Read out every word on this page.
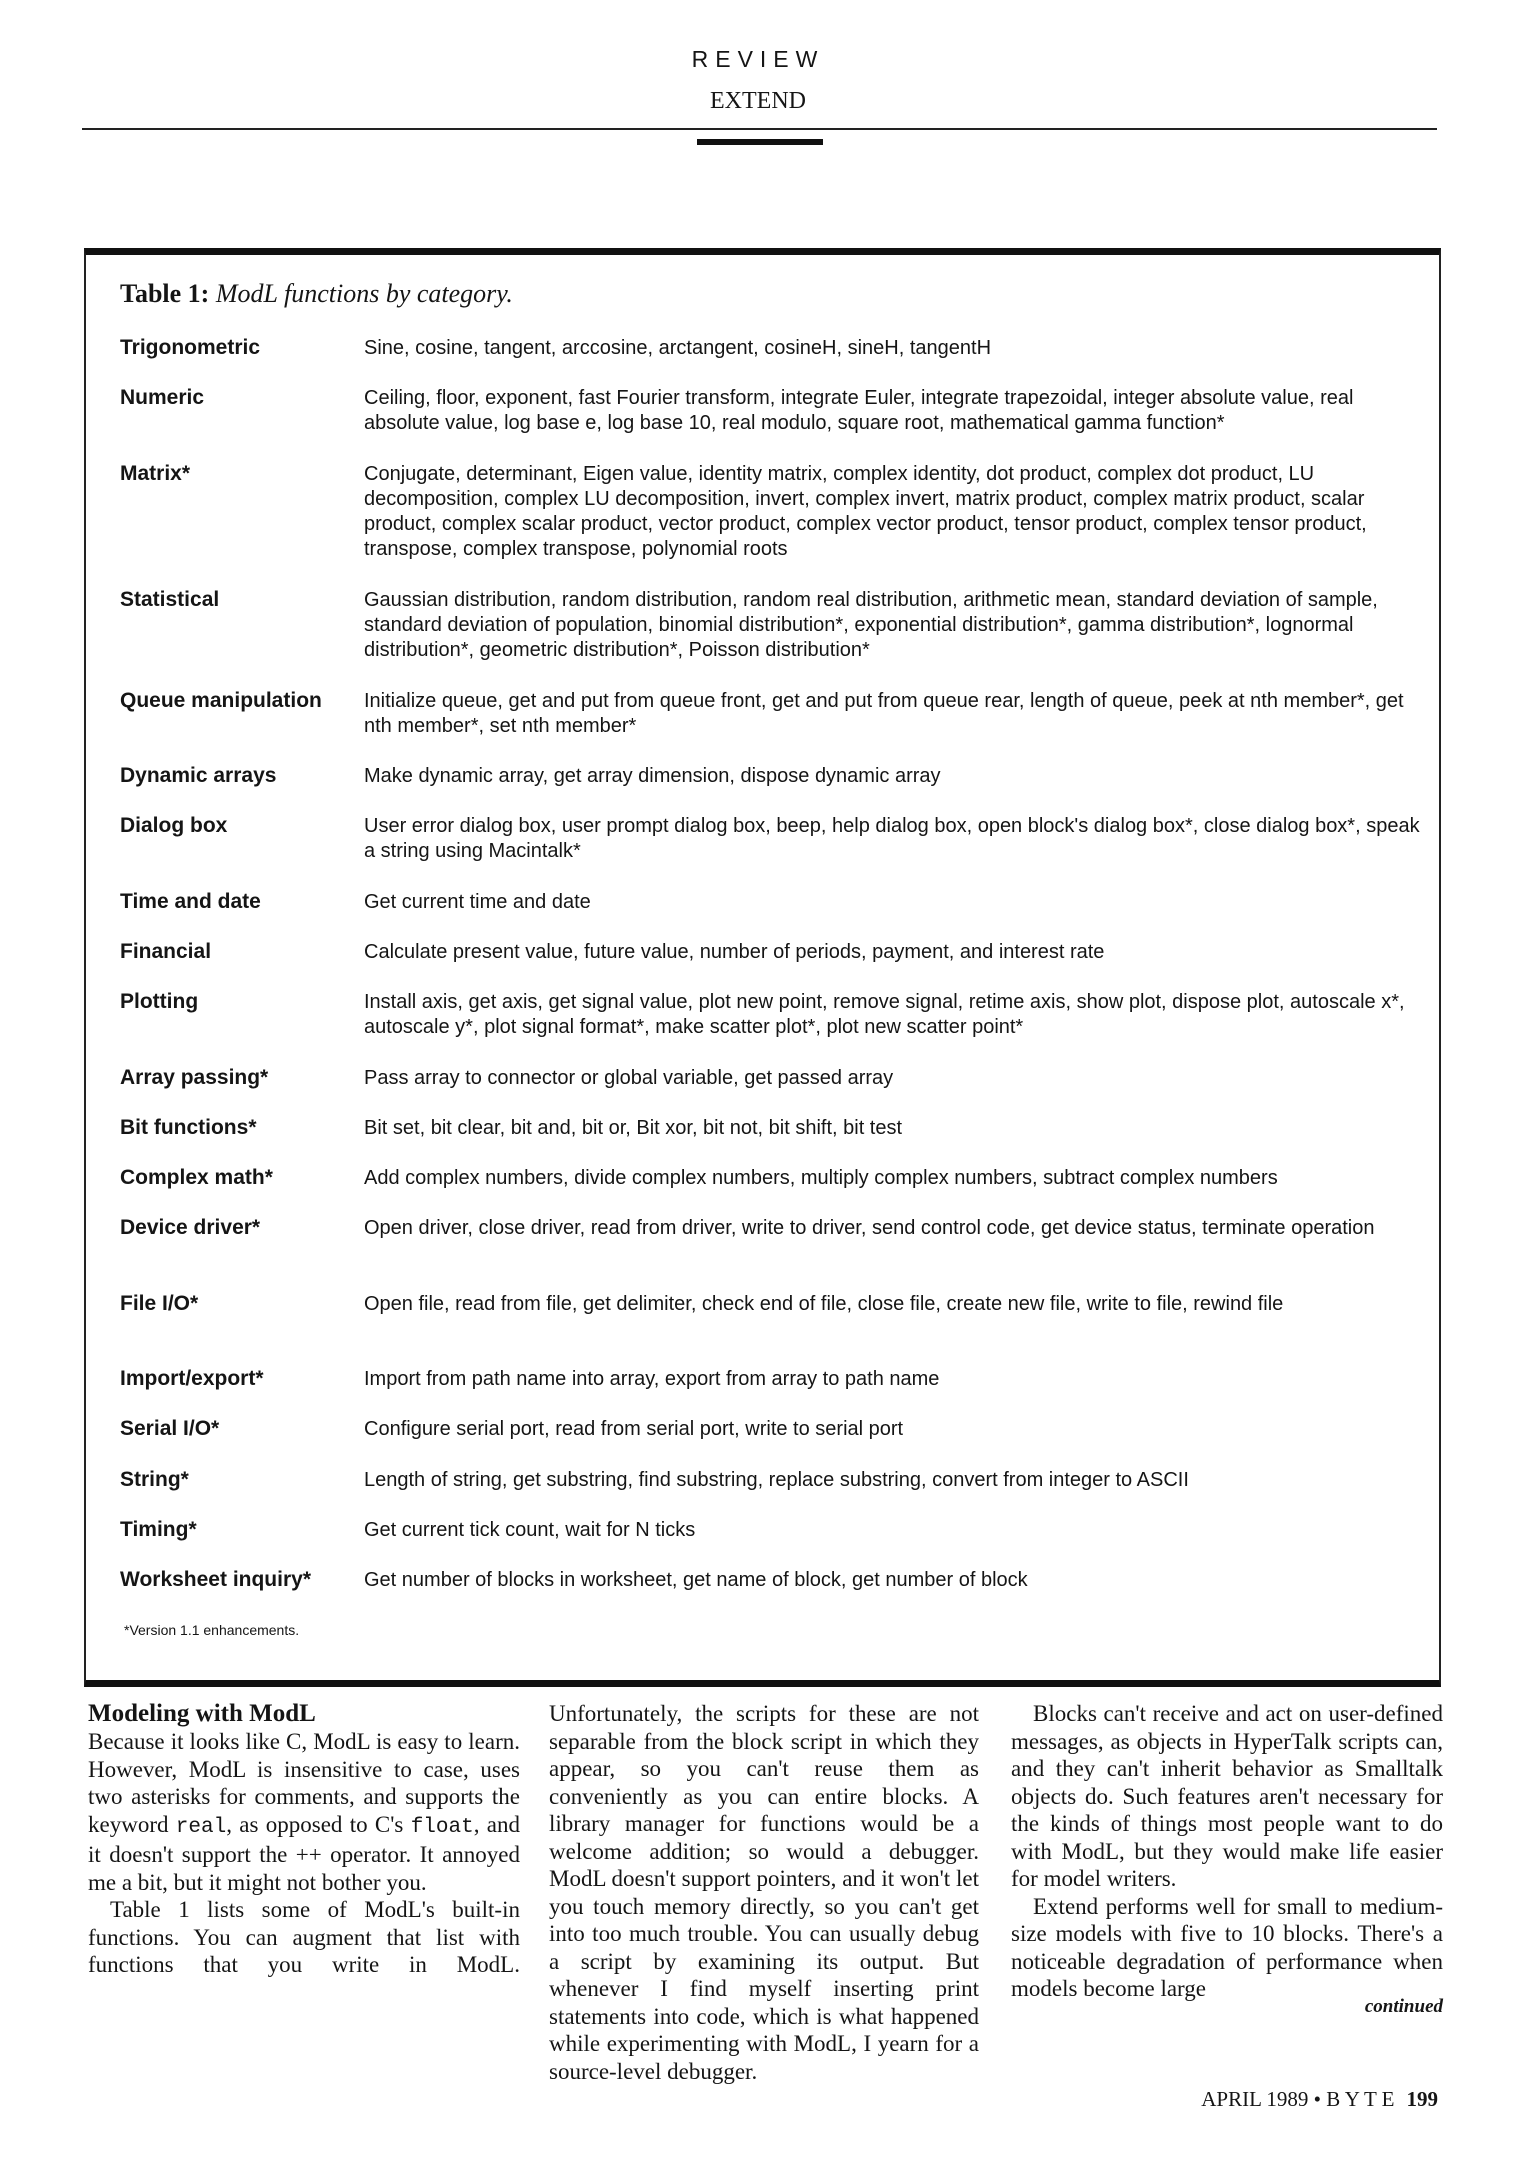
REVIEW
EXTEND
Table 1: ModL functions by category.
Trigonometric	Sine, cosine, tangent, arccosine, arctangent, cosineH, sineH, tangentH
Numeric	Ceiling, floor, exponent, fast Fourier transform, integrate Euler, integrate trapezoidal, integer absolute value, real absolute value, log base e, log base 10, real modulo, square root, mathematical gamma function*
Matrix*	Conjugate, determinant, Eigen value, identity matrix, complex identity, dot product, complex dot product, LU decomposition, complex LU decomposition, invert, complex invert, matrix product, complex matrix product, scalar product, complex scalar product, vector product, complex vector product, tensor product, complex tensor product, transpose, complex transpose, polynomial roots
Statistical	Gaussian distribution, random distribution, random real distribution, arithmetic mean, standard deviation of sample, standard deviation of population, binomial distribution*, exponential distribution*, gamma distribution*, lognormal distribution*, geometric distribution*, Poisson distribution*
Queue manipulation	Initialize queue, get and put from queue front, get and put from queue rear, length of queue, peek at nth member*, get nth member*, set nth member*
Dynamic arrays	Make dynamic array, get array dimension, dispose dynamic array
Dialog box	User error dialog box, user prompt dialog box, beep, help dialog box, open block's dialog box*, close dialog box*, speak a string using Macintalk*
Time and date	Get current time and date
Financial	Calculate present value, future value, number of periods, payment, and interest rate
Plotting	Install axis, get axis, get signal value, plot new point, remove signal, retime axis, show plot, dispose plot, autoscale x*, autoscale y*, plot signal format*, make scatter plot*, plot new scatter point*
Array passing*	Pass array to connector or global variable, get passed array
Bit functions*	Bit set, bit clear, bit and, bit or, Bit xor, bit not, bit shift, bit test
Complex math*	Add complex numbers, divide complex numbers, multiply complex numbers, subtract complex numbers
Device driver*	Open driver, close driver, read from driver, write to driver, send control code, get device status, terminate operation
File I/O*	Open file, read from file, get delimiter, check end of file, close file, create new file, write to file, rewind file
Import/export*	Import from path name into array, export from array to path name
Serial I/O*	Configure serial port, read from serial port, write to serial port
String*	Length of string, get substring, find substring, replace substring, convert from integer to ASCII
Timing*	Get current tick count, wait for N ticks
Worksheet inquiry*	Get number of blocks in worksheet, get name of block, get number of block
*Version 1.1 enhancements.
Modeling with ModL

Because it looks like C, ModL is easy to learn. However, ModL is insensitive to case, uses two asterisks for comments, and supports the keyword real, as opposed to C's float, and it doesn't support the ++ operator. It annoyed me a bit, but it might not bother you.

Table 1 lists some of ModL's built-in functions. You can augment that list with functions that you write in ModL.

Unfortunately, the scripts for these are not separable from the block script in which they appear, so you can't reuse them as conveniently as you can entire blocks. A library manager for functions would be a welcome addition; so would a debugger. ModL doesn't support pointers, and it won't let you touch memory directly, so you can't get into too much trouble. You can usually debug a script by examining its output. But whenever I find myself inserting print statements into code, which is what happened while experimenting with ModL, I yearn for a source-level debugger.

Blocks can't receive and act on user-defined messages, as objects in HyperTalk scripts can, and they can't inherit behavior as Smalltalk objects do. Such features aren't necessary for the kinds of things most people want to do with ModL, but they would make life easier for model writers.

Extend performs well for small to medium-size models with five to 10 blocks. There's a noticeable degradation of performance when models become large

continued
APRIL 1989 • B Y T E 199
